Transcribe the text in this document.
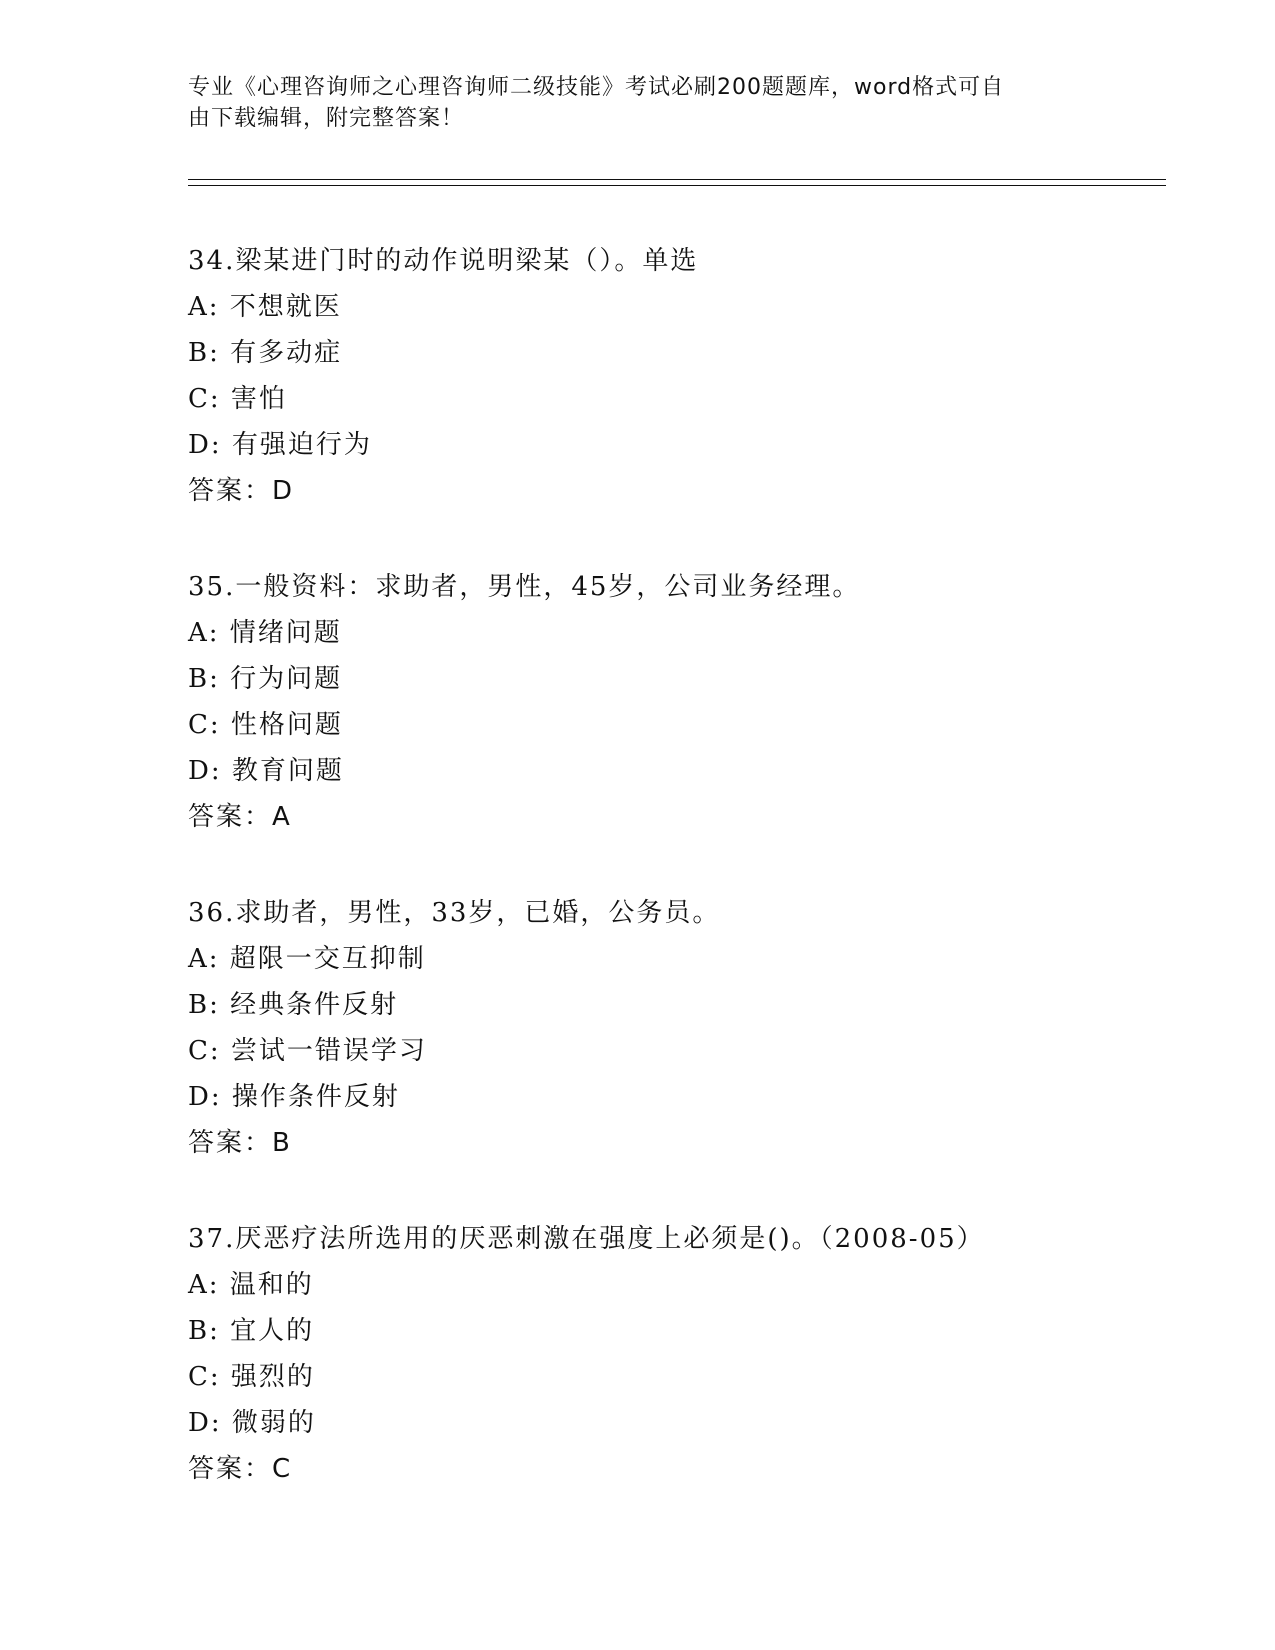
专业《心理咨询师之心理咨询师二级技能》考试必刷200题题库，word格式可自
由下载编辑，附完整答案！
34.梁某进门时的动作说明梁某（）。单选
A: 不想就医
B: 有多动症
C: 害怕
D: 有强迫行为
答案：D
35.一般资料：求助者，男性，45岁，公司业务经理。
A: 情绪问题
B: 行为问题
C: 性格问题
D: 教育问题
答案：A
36.求助者，男性，33岁，已婚，公务员。
A: 超限一交互抑制
B: 经典条件反射
C: 尝试一错误学习
D: 操作条件反射
答案：B
37.厌恶疗法所选用的厌恶刺激在强度上必须是()。（2008-05）
A: 温和的
B: 宜人的
C: 强烈的
D: 微弱的
答案：C
